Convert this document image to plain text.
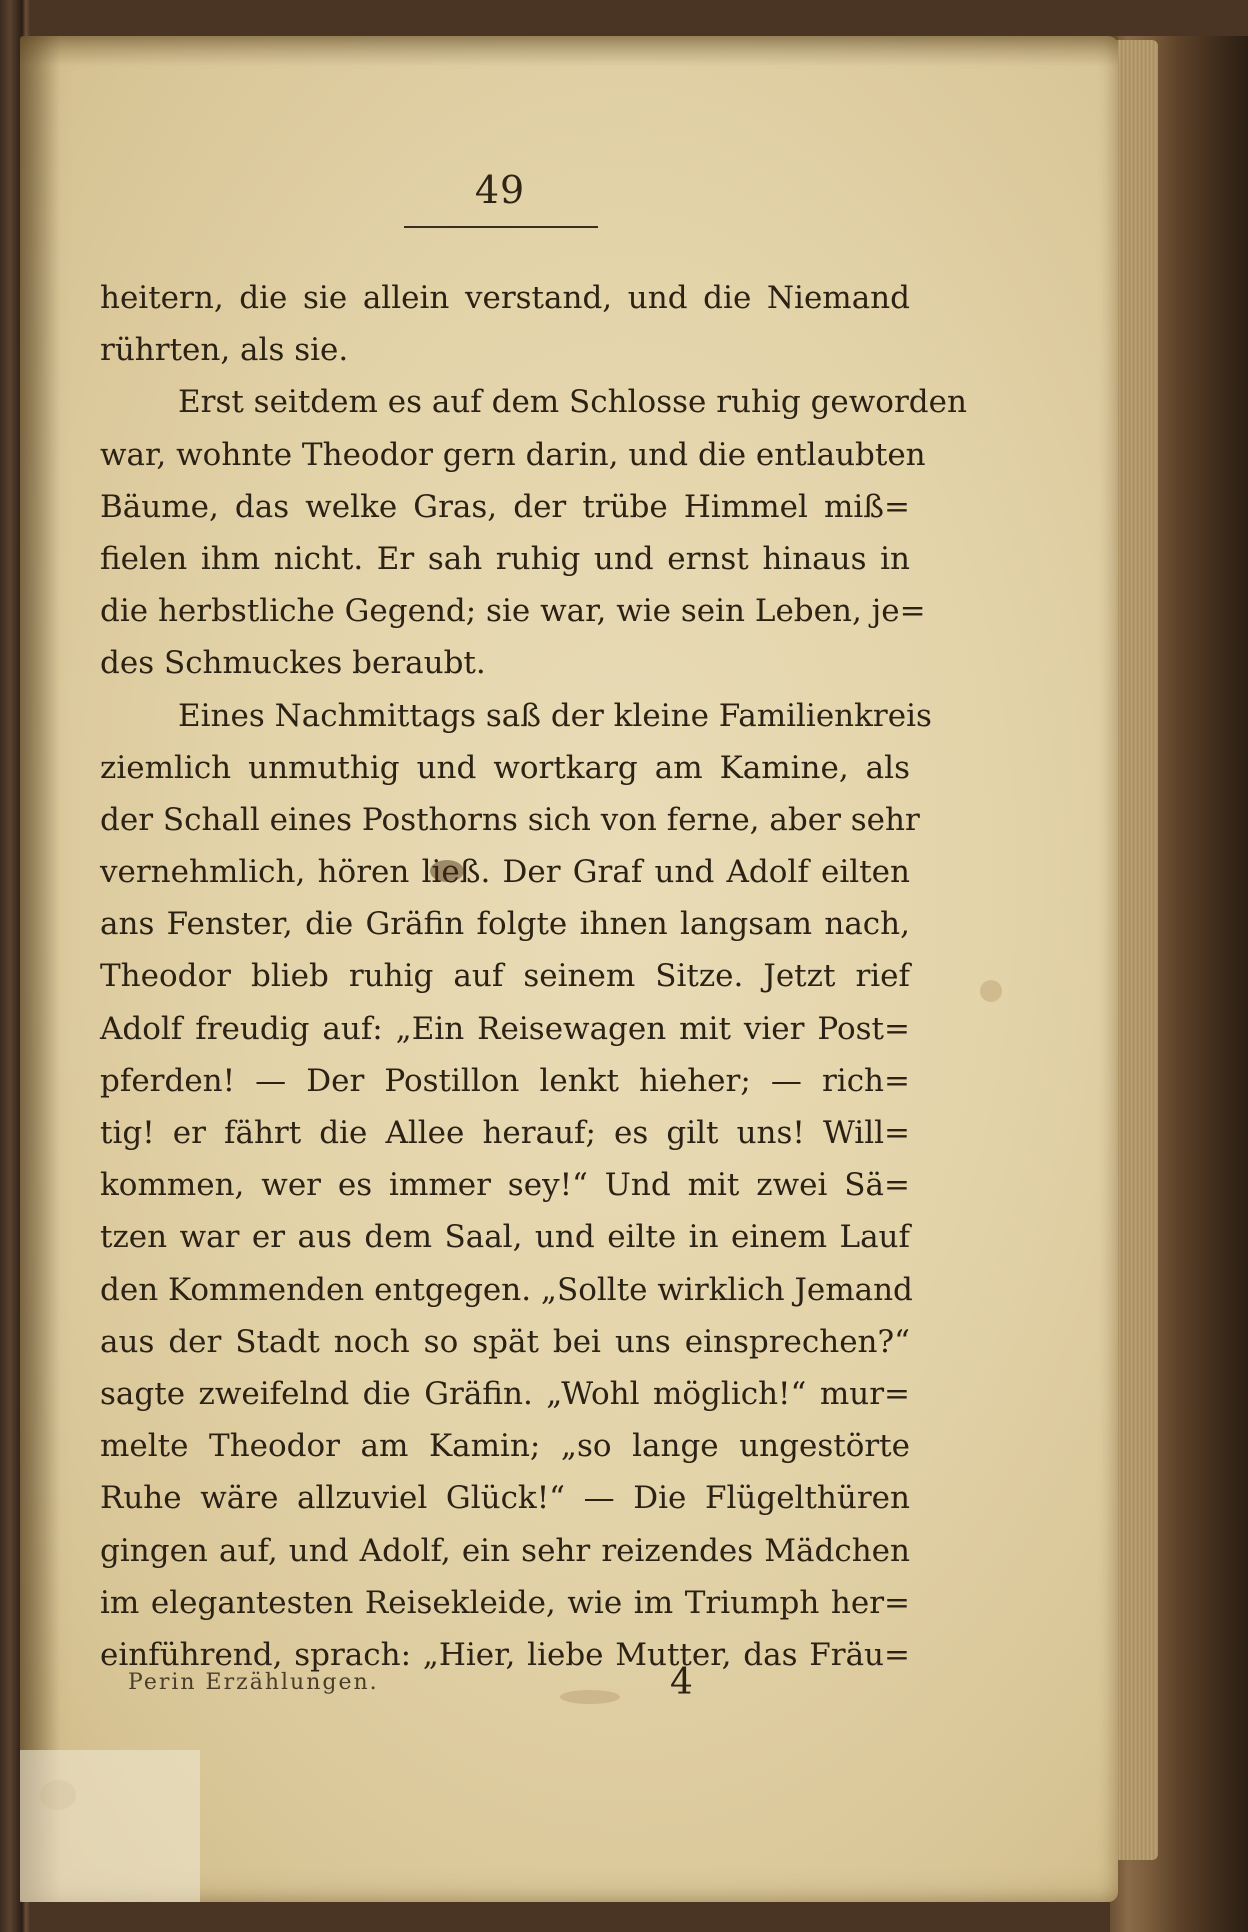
49
heitern, die sie allein verstand, und die Niemand
rührten, als sie.
Erst seitdem es auf dem Schlosse ruhig geworden
war, wohnte Theodor gern darin, und die entlaubten
Bäume, das welke Gras, der trübe Himmel miß=
fielen ihm nicht. Er sah ruhig und ernst hinaus in
die herbstliche Gegend; sie war, wie sein Leben, je=
des Schmuckes beraubt.
Eines Nachmittags saß der kleine Familienkreis
ziemlich unmuthig und wortkarg am Kamine, als
der Schall eines Posthorns sich von ferne, aber sehr
vernehmlich, hören ließ. Der Graf und Adolf eilten
ans Fenster, die Gräfin folgte ihnen langsam nach,
Theodor blieb ruhig auf seinem Sitze. Jetzt rief
Adolf freudig auf: „Ein Reisewagen mit vier Post=
pferden! — Der Postillon lenkt hieher; — rich=
tig! er fährt die Allee herauf; es gilt uns! Will=
kommen, wer es immer sey!“ Und mit zwei Sä=
tzen war er aus dem Saal, und eilte in einem Lauf
den Kommenden entgegen. „Sollte wirklich Jemand
aus der Stadt noch so spät bei uns einsprechen?“
sagte zweifelnd die Gräfin. „Wohl möglich!“ mur=
melte Theodor am Kamin; „so lange ungestörte
Ruhe wäre allzuviel Glück!“ — Die Flügelthüren
gingen auf, und Adolf, ein sehr reizendes Mädchen
im elegantesten Reisekleide, wie im Triumph her=
einführend, sprach: „Hier, liebe Mutter, das Fräu=
Perin Erzählungen.	4
